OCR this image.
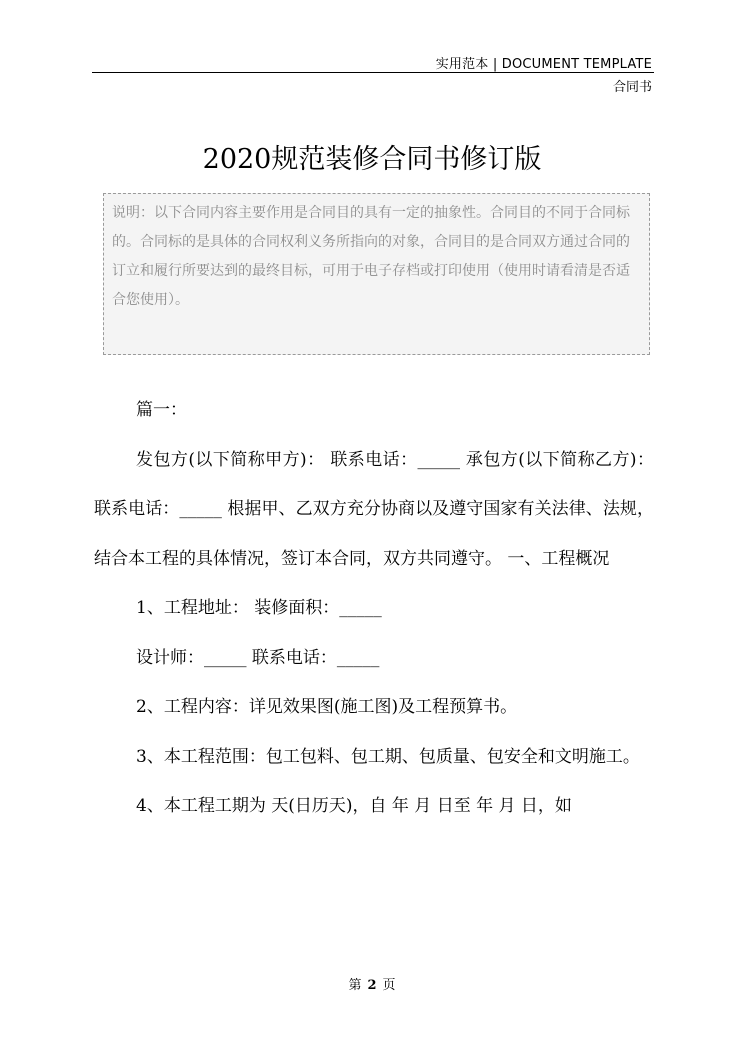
实用范本 | DOCUMENT TEMPLATE
合同书
2020规范装修合同书修订版
说明：以下合同内容主要作用是合同目的具有一定的抽象性。合同目的不同于合同标的。合同标的是具体的合同权利义务所指向的对象，合同目的是合同双方通过合同的订立和履行所要达到的最终目标，可用于电子存档或打印使用（使用时请看清是否适合您使用）。

篇一：

发包方(以下简称甲方)： 联系电话：_____ 承包方(以下简称乙方)： 联系电话：_____ 根据甲、乙双方充分协商以及遵守国家有关法律、法规，结合本工程的具体情况，签订本合同，双方共同遵守。 一、工程概况

1、工程地址： 装修面积：_____

设计师：_____ 联系电话：_____

2、工程内容：详见效果图(施工图)及工程预算书。

3、本工程范围：包工包料、包工期、包质量、包安全和文明施工。

4、本工程工期为 天(日历天)，自 年 月 日至 年 月 日，如

第 2 页
